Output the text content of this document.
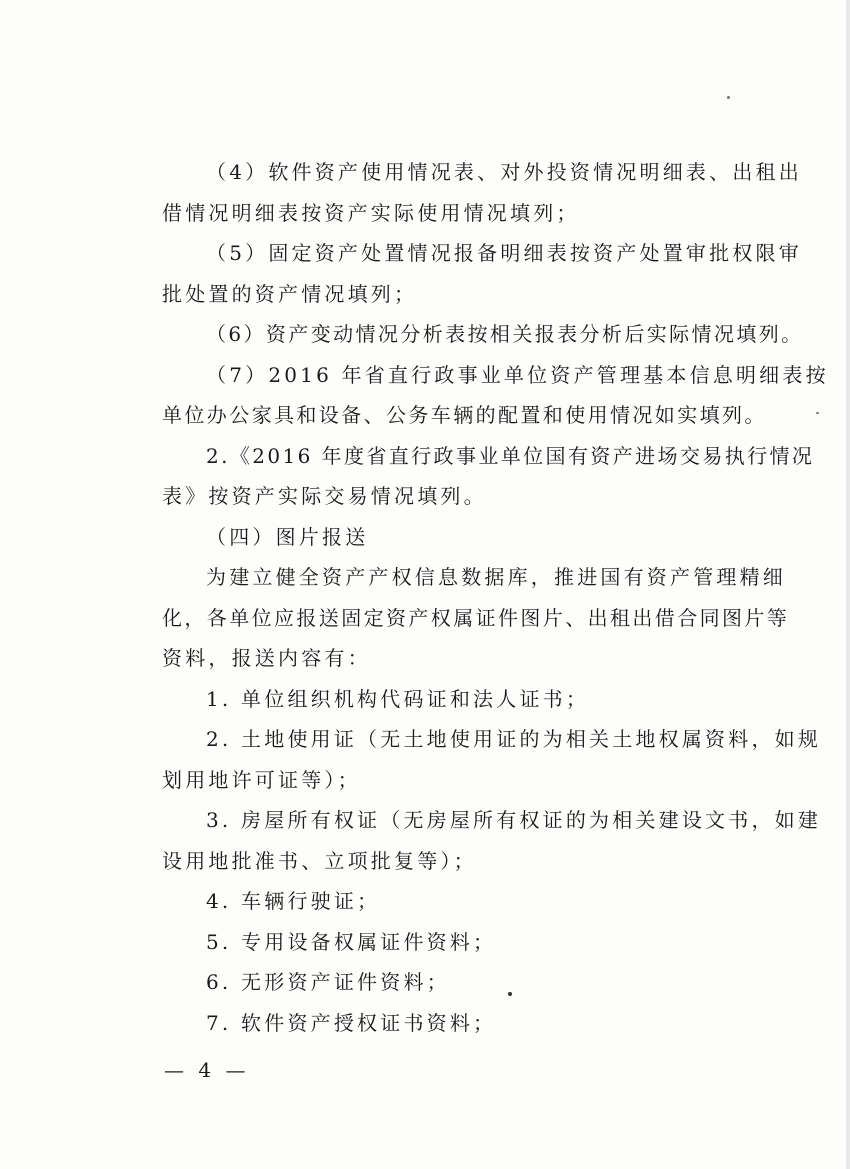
（4）软件资产使用情况表、对外投资情况明细表、出租出
借情况明细表按资产实际使用情况填列；
（5）固定资产处置情况报备明细表按资产处置审批权限审
批处置的资产情况填列；
（6）资产变动情况分析表按相关报表分析后实际情况填列。
（7）2016 年省直行政事业单位资产管理基本信息明细表按
单位办公家具和设备、公务车辆的配置和使用情况如实填列。
2.《2016 年度省直行政事业单位国有资产进场交易执行情况
表》按资产实际交易情况填列。
（四）图片报送
为建立健全资产产权信息数据库，推进国有资产管理精细
化，各单位应报送固定资产权属证件图片、出租出借合同图片等
资料，报送内容有：
1. 单位组织机构代码证和法人证书；
2. 土地使用证（无土地使用证的为相关土地权属资料，如规
划用地许可证等）；
3. 房屋所有权证（无房屋所有权证的为相关建设文书，如建
设用地批准书、立项批复等）；
4. 车辆行驶证；
5. 专用设备权属证件资料；
6. 无形资产证件资料；
7. 软件资产授权证书资料；
— 4 —
